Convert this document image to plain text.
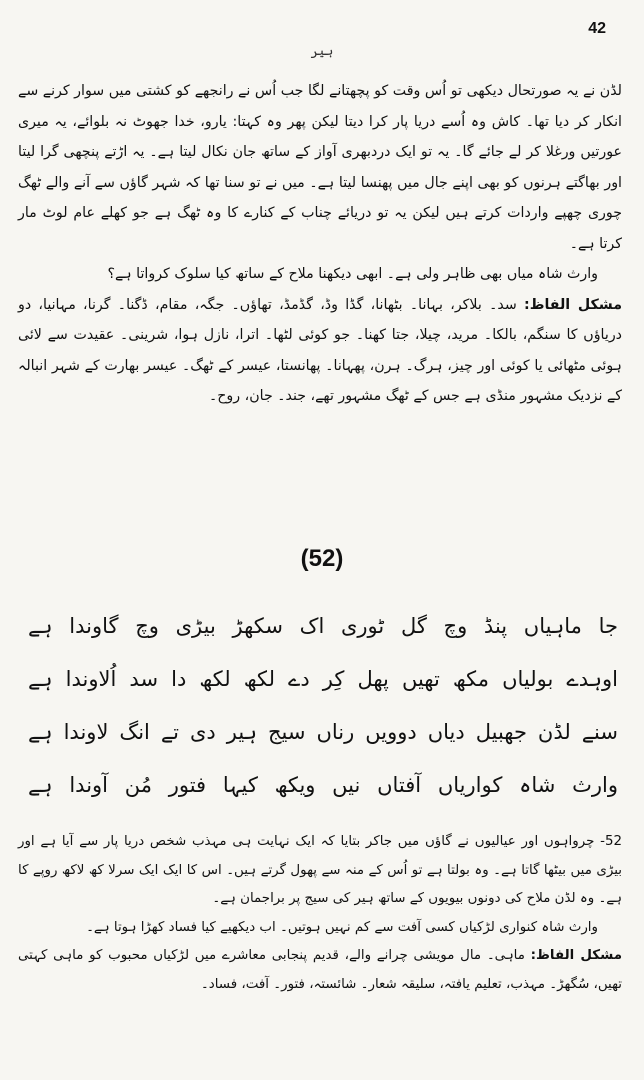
42
ہیر

لڈن نے یہ صورتحال دیکھی تو اُس وقت کو پچھتانے لگا جب اُس نے رانجھے کو کشتی میں سوار کرنے سے انکار کر دیا تھا۔ کاش وہ اُسے دریا پار کرا دیتا لیکن پھر وہ کہتا: یارو، خدا جھوٹ نہ بلوائے، یہ میری عورتیں ورغلا کر لے جائے گا۔ یہ تو ایک دردبھری آواز کے ساتھ جان نکال لیتا ہے۔ یہ اڑتے پنچھی گرا لیتا اور بھاگتے ہرنوں کو بھی اپنے جال میں پھنسا لیتا ہے۔ میں نے تو سنا تھا کہ شہر گاؤں سے آنے والے ٹھگ چوری چھپے واردات کرتے ہیں لیکن یہ تو دریائے چناب کے کنارے کا وہ ٹھگ ہے جو کھلے عام لوٹ مار کرتا ہے۔

وارث شاہ میاں بھی ظاہر ولی ہے۔ ابھی دیکھنا ملاح کے ساتھ کیا سلوک کرواتا ہے؟

مشکل الفاظ: سد۔ بلاکر، بہانا۔ بٹھانا، گڈا وڈ، گڈمڈ، تھاؤں۔ جگہ، مقام، ڈگنا۔ گرنا، مہانیا، دو دریاؤں کا سنگم، بالکا۔ مرید، چیلا، جتا کھنا۔ جو کوئی لٹھا۔ اترا، نازل ہوا، شرینی۔ عقیدت سے لائی ہوئی مٹھائی یا کوئی اور چیز، ہرگ۔ ہرن، پھہانا۔ پھانستا، عیسر کے ٹھگ۔ عیسر بھارت کے شہر انبالہ کے نزدیک مشہور منڈی ہے جس کے ٹھگ مشہور تھے، جند۔ جان، روح۔

(52)

جا ماہیاں پنڈ وچ گل ٹوری اک سکھڑ بیڑی وچ گاوندا ہے

اوہدے بولیاں مکھ تھیں پھل کِر دے لکھ لکھ دا سد اُلاوندا ہے

سنے لڈن جھبیل دیاں دوویں رناں سیج ہیر دی تے انگ لاوندا ہے

وارث شاہ کواریاں آفتاں نیں ویکھ کیہا فتور مُن آوندا ہے

52- چرواہوں اور عیالیوں نے گاؤں میں جاکر بتایا کہ ایک نہایت ہی مہذب شخص دریا پار سے آیا ہے اور بیڑی میں بیٹھا گاتا ہے۔ وہ بولتا ہے تو اُس کے منہ سے پھول گرتے ہیں۔ اس کا ایک ایک سرلا کھ لاکھ روپے کا ہے۔ وہ لڈن ملاح کی دونوں بیویوں کے ساتھ ہیر کی سیج پر براجمان ہے۔

وارث شاہ کنواری لڑکیاں کسی آفت سے کم نہیں ہوتیں۔ اب دیکھیے کیا فساد کھڑا ہوتا ہے۔

مشکل الفاظ: ماہی۔ مال مویشی چرانے والے، قدیم پنجابی معاشرے میں لڑکیاں محبوب کو ماہی کہتی تھیں، سُگھڑ۔ مہذب، تعلیم یافتہ، سلیقہ شعار۔ شائستہ، فتور۔ آفت، فساد۔
